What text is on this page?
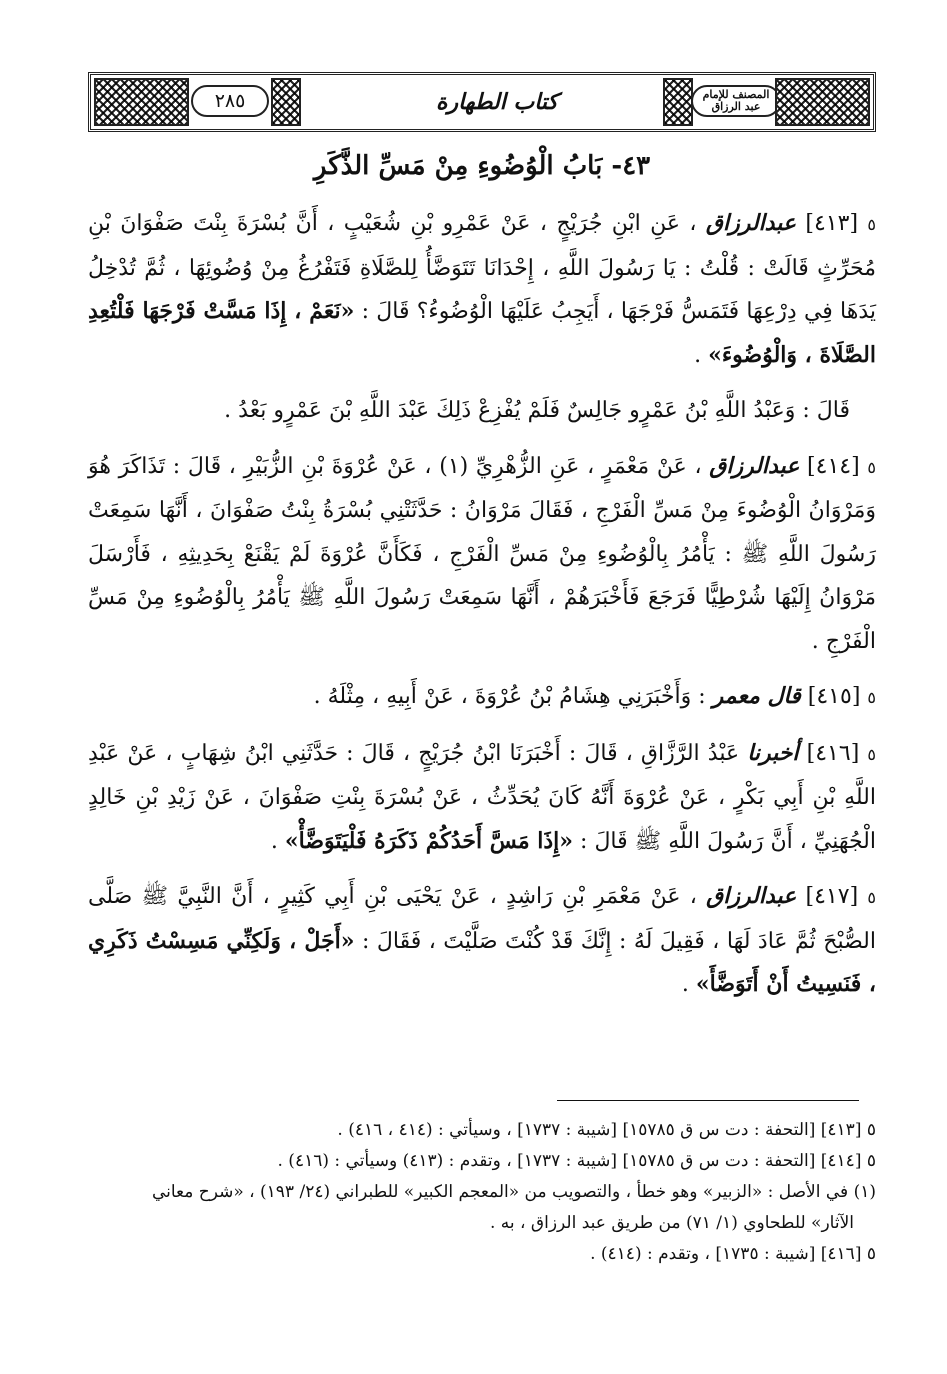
٢٨٥	كتاب الطهارة	المصنف للإمام عبد الرزاق
٤٣- بَابُ الْوُضُوءِ مِنْ مَسِّ الذَّكَرِ

٥ [٤١٣] عبدالرزاق ، عَنِ ابْنِ جُرَيْجٍ ، عَنْ عَمْرِو بْنِ شُعَيْبٍ ، أَنَّ بُسْرَةَ بِنْتَ صَفْوَانَ بْنِ مُحَرِّثٍ قَالَتْ : قُلْتُ : يَا رَسُولَ اللَّهِ ، إِحْدَانَا تَتَوَضَّأُ لِلصَّلَاةِ فَتَفْرُغُ مِنْ وُضُوئِهَا ، ثُمَّ تُدْخِلُ يَدَهَا فِي دِرْعِهَا فَتَمَسُّ فَرْجَهَا ، أَيَجِبُ عَلَيْهَا الْوُضُوءُ؟ قَالَ : «نَعَمْ ، إِذَا مَسَّتْ فَرْجَهَا فَلْتُعِدِ الصَّلَاةَ ، وَالْوُضُوءَ» .

قَالَ : وَعَبْدُ اللَّهِ بْنُ عَمْرٍو جَالِسٌ فَلَمْ يُفْزِعْ ذَلِكَ عَبْدَ اللَّهِ بْنَ عَمْرٍو بَعْدُ .

٥ [٤١٤] عبدالرزاق ، عَنْ مَعْمَرٍ ، عَنِ الزُّهْرِيِّ (١) ، عَنْ عُرْوَةَ بْنِ الزُّبَيْرِ ، قَالَ : تَذَاكَرَ هُوَ وَمَرْوَانُ الْوُضُوءَ مِنْ مَسِّ الْفَرْجِ ، فَقَالَ مَرْوَانُ : حَدَّثَتْنِي بُسْرَةُ بِنْتُ صَفْوَانَ ، أَنَّهَا سَمِعَتْ رَسُولَ اللَّهِ ﷺ : يَأْمُرُ بِالْوُضُوءِ مِنْ مَسِّ الْفَرْجِ ، فَكَأَنَّ عُرْوَةَ لَمْ يَقْنَعْ بِحَدِيثِهِ ، فَأَرْسَلَ مَرْوَانُ إِلَيْهَا شُرْطِيًّا فَرَجَعَ فَأَخْبَرَهُمْ ، أَنَّهَا سَمِعَتْ رَسُولَ اللَّهِ ﷺ يَأْمُرُ بِالْوُضُوءِ مِنْ مَسِّ الْفَرْجِ .

٥ [٤١٥] قال معمر : وَأَخْبَرَنِي هِشَامُ بْنُ عُرْوَةَ ، عَنْ أَبِيهِ ، مِثْلَهُ .

٥ [٤١٦] أخبرنا عَبْدُ الرَّزَّاقِ ، قَالَ : أَخْبَرَنَا ابْنُ جُرَيْجٍ ، قَالَ : حَدَّثَنِي ابْنُ شِهَابٍ ، عَنْ عَبْدِ اللَّهِ بْنِ أَبِي بَكْرٍ ، عَنْ عُرْوَةَ أَنَّهُ كَانَ يُحَدِّثُ ، عَنْ بُسْرَةَ بِنْتِ صَفْوَانَ ، عَنْ زَيْدِ بْنِ خَالِدٍ الْجُهَنِيِّ ، أَنَّ رَسُولَ اللَّهِ ﷺ قَالَ : «إِذَا مَسَّ أَحَدُكُمْ ذَكَرَهُ فَلْيَتَوَضَّأْ» .

٥ [٤١٧] عبدالرزاق ، عَنْ مَعْمَرِ بْنِ رَاشِدٍ ، عَنْ يَحْيَى بْنِ أَبِي كَثِيرٍ ، أَنَّ النَّبِيَّ ﷺ صَلَّى الصُّبْحَ ثُمَّ عَادَ لَهَا ، فَقِيلَ لَهُ : إِنَّكَ قَدْ كُنْتَ صَلَّيْتَ ، فَقَالَ : «أَجَلْ ، وَلَكِنِّي مَسِسْتُ ذَكَرِي ، فَنَسِيتُ أَنْ أَتَوَضَّأَ» .

٥ [٤١٣] [التحفة : دت س ق ١٥٧٨٥] [شيبة : ١٧٣٧] ، وسيأتي : (٤١٤ ، ٤١٦) .

٥ [٤١٤] [التحفة : دت س ق ١٥٧٨٥] [شيبة : ١٧٣٧] ، وتقدم : (٤١٣) وسيأتي : (٤١٦) .

(١) في الأصل : «الزبير» وهو خطأ ، والتصويب من «المعجم الكبير» للطبراني (٢٤/ ١٩٣) ، «شرح معاني

الآثار» للطحاوي (١/ ٧١) من طريق عبد الرزاق ، به .

٥ [٤١٦] [شيبة : ١٧٣٥] ، وتقدم : (٤١٤) .
